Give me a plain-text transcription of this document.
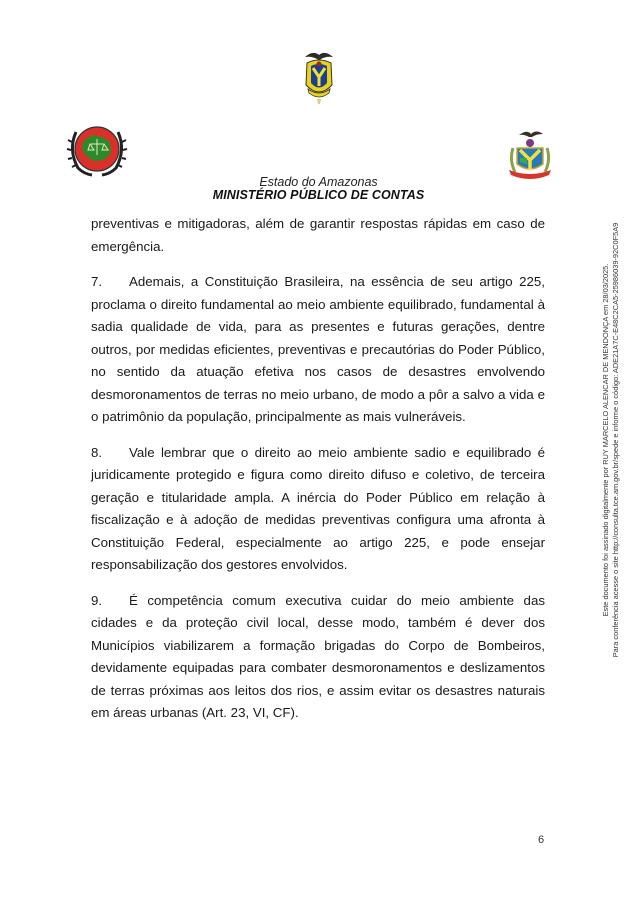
Estado do Amazonas
MINISTÉRIO PÚBLICO DE CONTAS

preventivas e mitigadoras, além de garantir respostas rápidas em caso de emergência.

7. Ademais, a Constituição Brasileira, na essência de seu artigo 225, proclama o direito fundamental ao meio ambiente equilibrado, fundamental à sadia qualidade de vida, para as presentes e futuras gerações, dentre outros, por medidas eficientes, preventivas e precautórias do Poder Público, no sentido da atuação efetiva nos casos de desastres envolvendo desmoronamentos de terras no meio urbano, de modo a pôr a salvo a vida e o patrimônio da população, principalmente as mais vulneráveis.

8. Vale lembrar que o direito ao meio ambiente sadio e equilibrado é juridicamente protegido e figura como direito difuso e coletivo, de terceira geração e titularidade ampla. A inércia do Poder Público em relação à fiscalização e à adoção de medidas preventivas configura uma afronta à Constituição Federal, especialmente ao artigo 225, e pode ensejar responsabilização dos gestores envolvidos.

9. É competência comum executiva cuidar do meio ambiente das cidades e da proteção civil local, desse modo, também é dever dos Municípios viabilizarem a formação brigadas do Corpo de Bombeiros, devidamente equipadas para combater desmoronamentos e deslizamentos de terras próximas aos leitos dos rios, e assim evitar os desastres naturais em áreas urbanas (Art. 23, VI, CF).

6
Este documento foi assinado digitalmente por RUY MARCELO ALENCAR DE MENDONÇA em 28/03/2025. Para conferência acesse o site http://consulta.tce.am.gov.br/spede e informe o código: ADE21A7C-E48C2CA5-25986039-92C0F5A9
